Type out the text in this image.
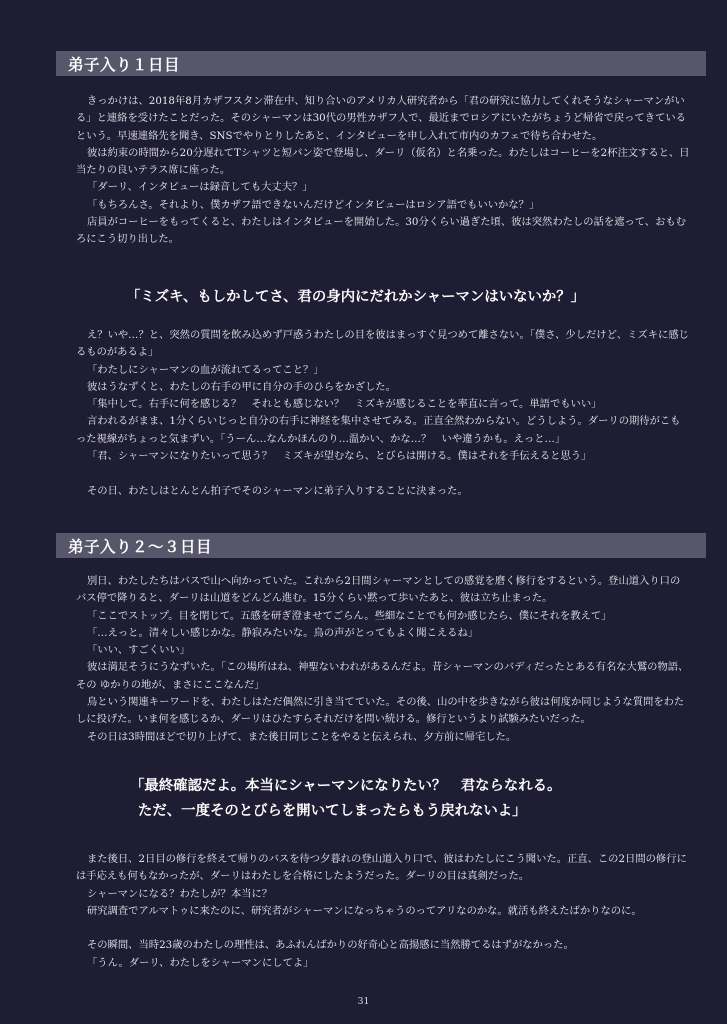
弟子入り１日目

きっかけは、2018年8月カザフスタン滞在中、知り合いのアメリカ人研究者から「君の研究に協力してくれそうなシャーマンがいる」と連絡を受けたことだった。そのシャーマンは30代の男性カザフ人で、最近までロシアにいたがちょうど帰省で戻ってきているという。早速連絡先を聞き、SNSでやりとりしたあと、インタビューを申し入れて市内のカフェで待ち合わせた。

彼は約束の時間から20分遅れてTシャツと短パン姿で登場し、ダーリ（仮名）と名乗った。わたしはコーヒーを2杯注文すると、日当たりの良いテラス席に座った。

「ダーリ、インタビューは録音しても大丈夫？」

「もちろんさ。それより、僕カザフ語できないんだけどインタビューはロシア語でもいいかな？」

店員がコーヒーをもってくると、わたしはインタビューを開始した。30分くらい過ぎた頃、彼は突然わたしの話を遮って、おもむろにこう切り出した。

「ミズキ、もしかしてさ、君の身内にだれかシャーマンはいないか？」

え？いや…？と、突然の質問を飲み込めず戸惑うわたしの目を彼はまっすぐ見つめて離さない。「僕さ、少しだけど、ミズキに感じるものがあるよ」

「わたしにシャーマンの血が流れてるってこと？」

彼はうなずくと、わたしの右手の甲に自分の手のひらをかざした。

「集中して。右手に何を感じる？　それとも感じない？　ミズキが感じることを率直に言って。単語でもいい」

言われるがまま、1分くらいじっと自分の右手に神経を集中させてみる。正直全然わからない。どうしよう。ダーリの期待がこもった視線がちょっと気まずい。「うーん…なんかほんのり…温かい、かな…？　いや違うかも。えっと…」

「君、シャーマンになりたいって思う？　ミズキが望むなら、とびらは開ける。僕はそれを手伝えると思う」

その日、わたしはとんとん拍子でそのシャーマンに弟子入りすることに決まった。

弟子入り２～３日目

別日、わたしたちはバスで山へ向かっていた。これから2日間シャーマンとしての感覚を磨く修行をするという。登山道入り口のバス停で降りると、ダーリは山道をどんどん進む。15分くらい黙って歩いたあと、彼は立ち止まった。

「ここでストップ。目を閉じて。五感を研ぎ澄ませてごらん。些細なことでも何か感じたら、僕にそれを教えて」

「…えっと。清々しい感じかな。静寂みたいな。鳥の声がとってもよく聞こえるね」

「いい、すごくいい」

彼は満足そうにうなずいた。「この場所はね、神聖ないわれがあるんだよ。昔シャーマンのバディだったとある有名な大鷲の物語、その ゆかりの地が、まさにここなんだ」

鳥という関連キーワードを、わたしはただ偶然に引き当てていた。その後、山の中を歩きながら彼は何度か同じような質問をわたしに投げた。いま何を感じるか、ダーリはひたすらそれだけを問い続ける。修行というより試験みたいだった。

その日は3時間ほどで切り上げて、また後日同じことをやると伝えられ、夕方前に帰宅した。

「最終確認だよ。本当にシャーマンになりたい？　君ならなれる。

ただ、一度そのとびらを開いてしまったらもう戻れないよ」

また後日、2日目の修行を終えて帰りのバスを待つ夕暮れの登山道入り口で、彼はわたしにこう聞いた。正直、この2日間の修行には手応えも何もなかったが、ダーリはわたしを合格にしたようだった。ダーリの目は真剣だった。

シャーマンになる？わたしが？本当に？

研究調査でアルマトゥに来たのに、研究者がシャーマンになっちゃうのってアリなのかな。就活も終えたばかりなのに。

その瞬間、当時23歳のわたしの理性は、あふれんばかりの好奇心と高揚感に当然勝てるはずがなかった。

「うん。ダーリ、わたしをシャーマンにしてよ」

31
